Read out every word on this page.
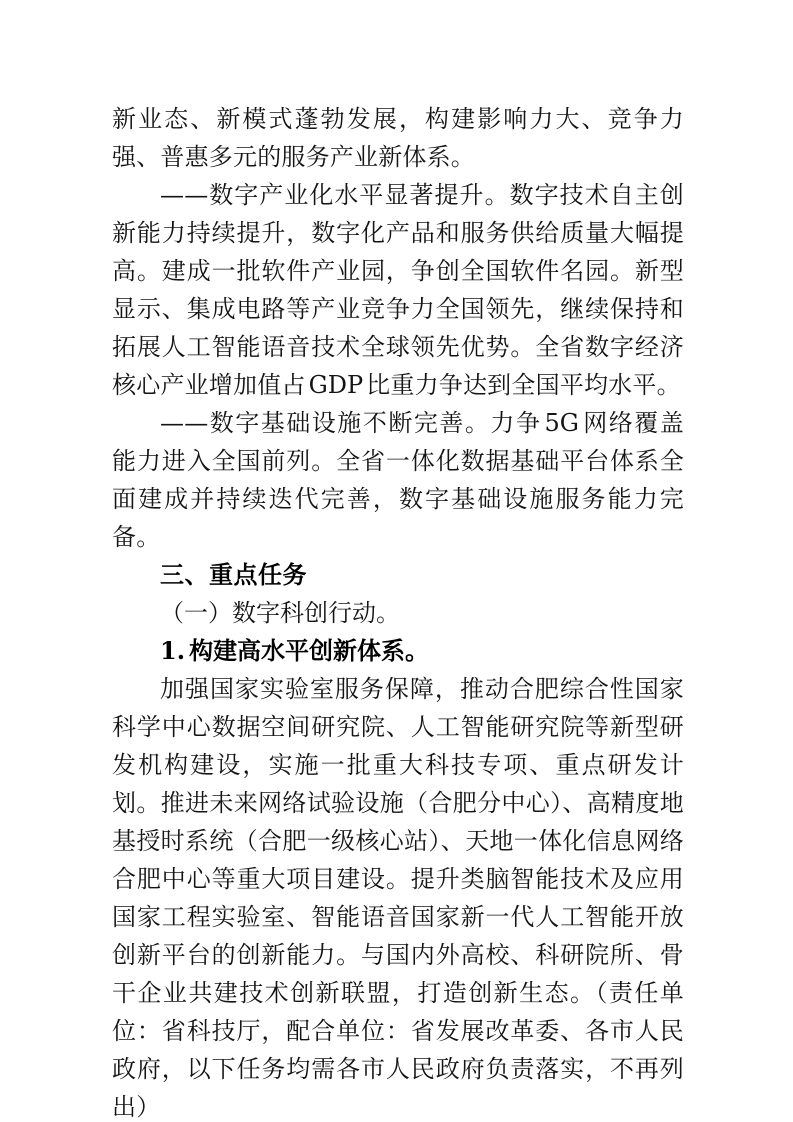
新业态、新模式蓬勃发展，构建影响力大、竞争力强、普惠多元的服务产业新体系。

——数字产业化水平显著提升。数字技术自主创新能力持续提升，数字化产品和服务供给质量大幅提高。建成一批软件产业园，争创全国软件名园。新型显示、集成电路等产业竞争力全国领先，继续保持和拓展人工智能语音技术全球领先优势。全省数字经济核心产业增加值占 GDP 比重力争达到全国平均水平。

——数字基础设施不断完善。力争 5G 网络覆盖能力进入全国前列。全省一体化数据基础平台体系全面建成并持续迭代完善，数字基础设施服务能力完备。

三、重点任务
（一）数字科创行动。
1. 构建高水平创新体系。

加强国家实验室服务保障，推动合肥综合性国家科学中心数据空间研究院、人工智能研究院等新型研发机构建设，实施一批重大科技专项、重点研发计划。推进未来网络试验设施（合肥分中心）、高精度地基授时系统（合肥一级核心站）、天地一体化信息网络合肥中心等重大项目建设。提升类脑智能技术及应用国家工程实验室、智能语音国家新一代人工智能开放创新平台的创新能力。与国内外高校、科研院所、骨干企业共建技术创新联盟，打造创新生态。（责任单位：省科技厅，配合单位：省发展改革委、各市人民政府，以下任务均需各市人民政府负责落实，不再列出）
